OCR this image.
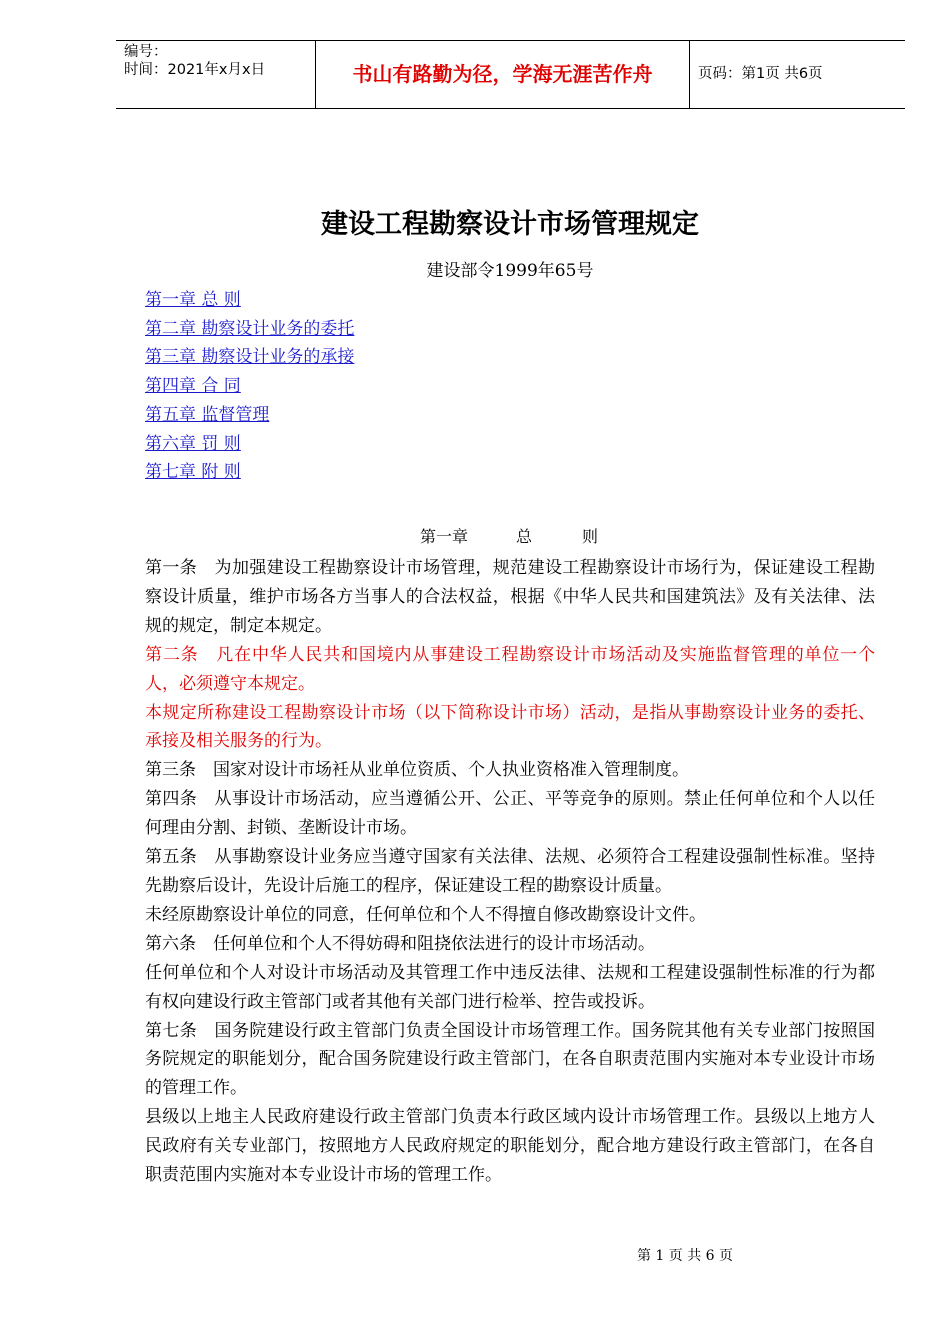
编号：
时间：2021年x月x日	书山有路勤为径，学海无涯苦作舟	页码：第1页 共6页
建设工程勘察设计市场管理规定
建设部令1999年65号
第一章 总 则
第二章 勘察设计业务的委托
第三章 勘察设计业务的承接
第四章 合 同
第五章 监督管理
第六章 罚 则
第七章 附 则
第一章	总	则

第一条　为加强建设工程勘察设计市场管理，规范建设工程勘察设计市场行为，保证建设工程勘察设计质量，维护市场各方当事人的合法权益，根据《中华人民共和国建筑法》及有关法律、法规的规定，制定本规定。

第二条　凡在中华人民共和国境内从事建设工程勘察设计市场活动及实施监督管理的单位一个人，必须遵守本规定。

本规定所称建设工程勘察设计市场（以下简称设计市场）活动，是指从事勘察设计业务的委托、承接及相关服务的行为。

第三条　国家对设计市场衽从业单位资质、个人执业资格准入管理制度。

第四条　从事设计市场活动，应当遵循公开、公正、平等竞争的原则。禁止任何单位和个人以任何理由分割、封锁、垄断设计市场。

第五条　从事勘察设计业务应当遵守国家有关法律、法规、必须符合工程建设强制性标准。坚持先勘察后设计，先设计后施工的程序，保证建设工程的勘察设计质量。

未经原勘察设计单位的同意，任何单位和个人不得擅自修改勘察设计文件。

第六条　任何单位和个人不得妨碍和阻挠依法进行的设计市场活动。

任何单位和个人对设计市场活动及其管理工作中违反法律、法规和工程建设强制性标准的行为都有权向建设行政主管部门或者其他有关部门进行检举、控告或投诉。

第七条　国务院建设行政主管部门负责全国设计市场管理工作。国务院其他有关专业部门按照国务院规定的职能划分，配合国务院建设行政主管部门，在各自职责范围内实施对本专业设计市场的管理工作。

县级以上地主人民政府建设行政主管部门负责本行政区域内设计市场管理工作。县级以上地方人民政府有关专业部门，按照地方人民政府规定的职能划分，配合地方建设行政主管部门，在各自职责范围内实施对本专业设计市场的管理工作。

第 1 页 共 6 页
